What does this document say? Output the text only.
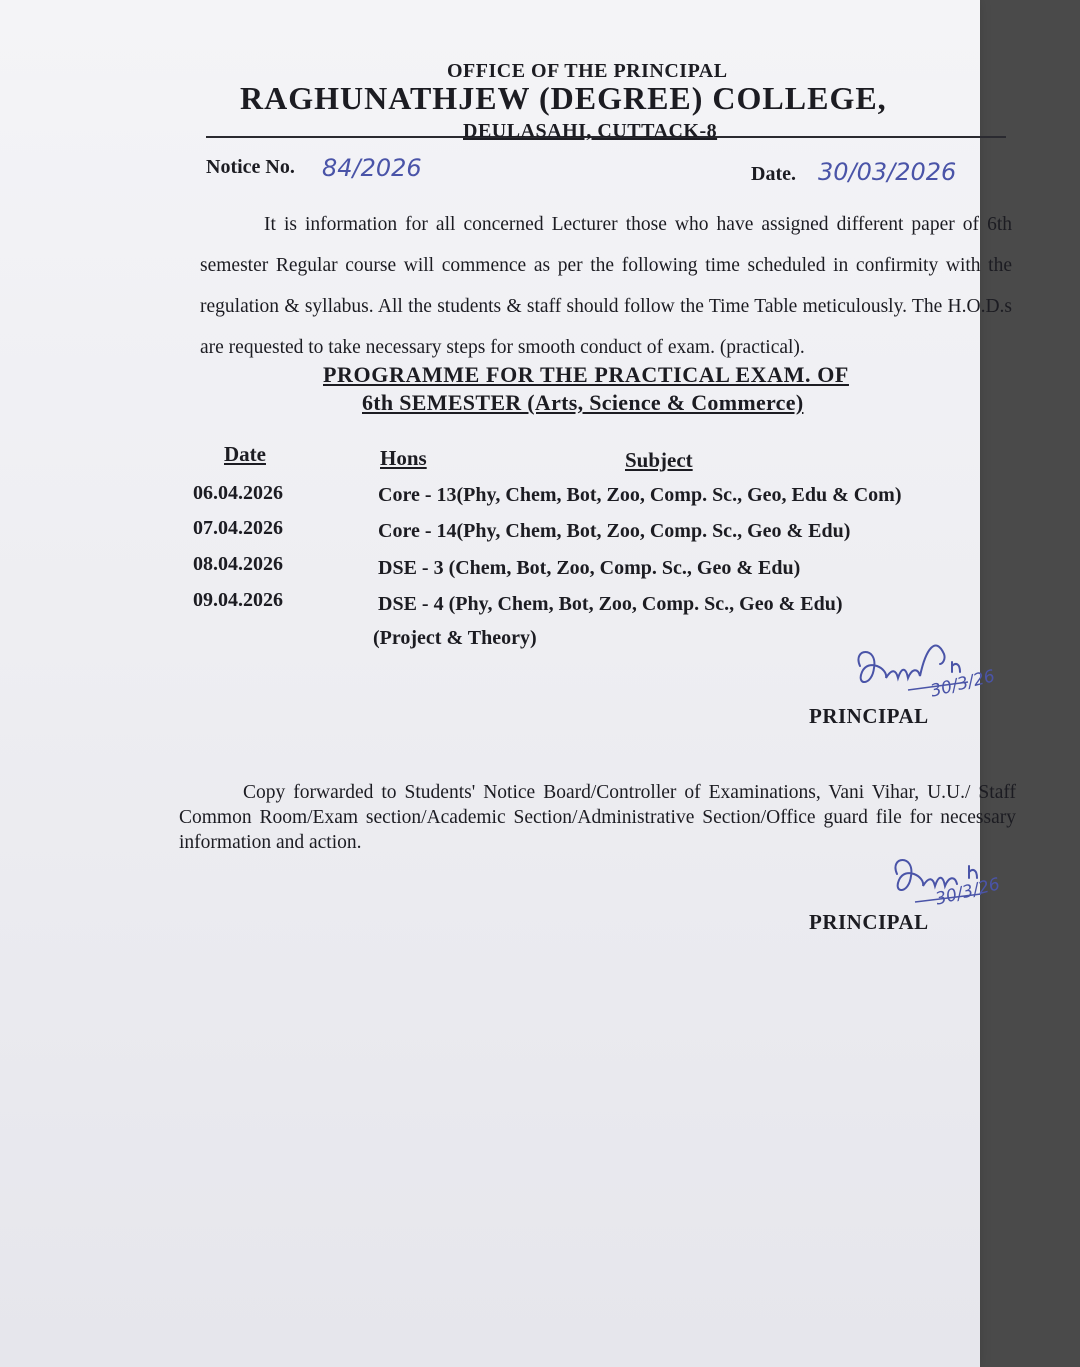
OFFICE OF THE PRINCIPAL
RAGHUNATHJEW (DEGREE) COLLEGE,
DEULASAHI, CUTTACK-8
Notice No. 84/2026	Date. 30/03/2026
It is information for all concerned Lecturer those who have assigned different paper of 6th semester Regular course will commence as per the following time scheduled in confirmity with the regulation & syllabus. All the students & staff should follow the Time Table meticulously. The H.O.D.s are requested to take necessary steps for smooth conduct of exam. (practical).
PROGRAMME FOR THE PRACTICAL EXAM. OF
6th SEMESTER (Arts, Science & Commerce)
Date	Hons	Subject
06.04.2026	Core - 13(Phy, Chem, Bot, Zoo, Comp. Sc., Geo, Edu & Com)
07.04.2026	Core - 14(Phy, Chem, Bot, Zoo, Comp. Sc., Geo & Edu)
08.04.2026	DSE - 3 (Chem, Bot, Zoo, Comp. Sc., Geo & Edu)
09.04.2026	DSE - 4 (Phy, Chem, Bot, Zoo, Comp. Sc., Geo & Edu)
(Project & Theory)
30/3/26
PRINCIPAL
Copy forwarded to Students' Notice Board/Controller of Examinations, Vani Vihar, U.U./ Staff Common Room/Exam section/Academic Section/Administrative Section/Office guard file for necessary information and action.
30/3/26
PRINCIPAL
